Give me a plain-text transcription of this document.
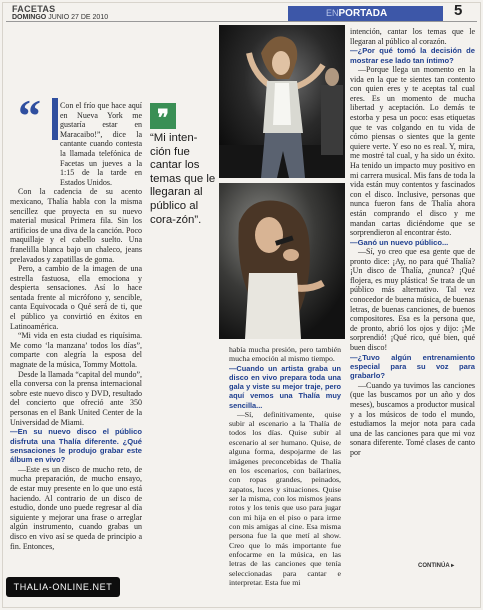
FACETAS
DOMINGO JUNIO 27 DE 2010	ENPORTADA	5
“	❞
“Mi inten-ción fue cantar los temas que le llegaran al público al cora-zón”.

Con el frío que hace aquí en Nueva York me gustaría estar en Maracaibo!”, dice la cantante cuando contesta la llamada telefónica de Facetas un jueves a la 1:15 de la tarde en Estados Unidos.

Con la cadencia de su acento mexicano, Thalía habla con la misma sencillez que proyecta en su nuevo material musical Primera fila. Sin los artificios de una diva de la canción. Poco maquillaje y el cabello suelto. Una franelilla blanca bajo un chaleco, jeans prelavados y zapatillas de goma.

Pero, a cambio de la imagen de una estrella fastuosa, ella emociona y despierta sensaciones. Así lo hace sentada frente al micrófono y, sencible, canta Equivocada o Qué será de ti, que el público ya convirtió en éxitos en Latinoamérica.

“Mi vida en esta ciudad es riquísima. Me como ‘la manzana’ todos los días”, comparte con alegría la esposa del magnate de la música, Tommy Mottola.

Desde la llamada “capital del mundo”, ella conversa con la prensa internacional sobre este nuevo disco y DVD, resultado del concierto que ofreció ante 350 personas en el Bank United Center de la Universidad de Miami.

—En su nuevo disco el público disfruta una Thalía diferente. ¿Qué sensaciones le produjo grabar este álbum en vivo?

—Este es un disco de mucho reto, de mucha preparación, de mucho ensayo, de estar muy presente en lo que uno está haciendo. Al contrario de un disco de estudio, donde uno puede regresar al día siguiente y mejorar una frase o arreglar algún instrumento, cuando grabas un disco en vivo así se queda de principio a fin. Entonces,

había mucha presión, pero también mucha emoción al mismo tiempo.

—Cuando un artista graba un disco en vivo prepara toda una gala y viste su mejor traje, pero aquí vemos una Thalía muy sencilla...

—Sí, definitivamente, quise subir al escenario a la Thalía de todos los días. Quise subir al escenario al ser humano. Quise, de alguna forma, despojarme de las imágenes preconcebidas de Thalía en los escenarios, con bailarines, con ropas grandes, peinados, zapatos, luces y situaciones. Quise ser la misma, con los mismos jeans rotos y los tenis que uso para jugar con mi hija en el piso o para irme con mis amigas al cine. Esa misma persona fue la que metí al show. Creo que lo más importante fue enfocarme en la música, en las letras de las canciones que tenía seleccionadas para cantar e interpretar. Esta fue mi

intención, cantar los temas que le llegaran al público al corazón.

—¿Por qué tomó la decisión de mostrar ese lado tan íntimo?

—Porque llega un momento en la vida en la que te sientes tan contento con quien eres y te aceptas tal cual eres. Es un momento de mucha libertad y aceptación. Lo demás te estorba y pesa un poco: esas etiquetas que te vas colgando en tu vida de cómo piensas o sientes que la gente quiere verte. Y eso no es real. Y, mira, me mostré tal cual, y ha sido un éxito. Ha tenido un impacto muy positivo en mi carrera musical. Mis fans de toda la vida están muy contentos y fascinados con el disco. Inclusive, personas que nunca fueron fans de Thalía ahora están comprando el disco y me mandan cartas diciéndome que se sorprendieron al encontrar ésto.

—Ganó un nuevo público...

—Sí, yo creo que esa gente que de pronto dice: ¡Ay, no para qué Thalía? ¡Un disco de Thalía, ¿nunca? ¡Qué flojera, es muy plástica! Se trata de un público más alternativo. Tal vez conocedor de buena música, de buenas letras, de buenas canciones, de buenos compositores. Esa es la persona que, de pronto, abrió los ojos y dijo: ¡Me sorprendió! ¡Qué rico, qué bien, qué buen disco!

—¿Tuvo algún entrenamiento especial para su voz para grabarlo?

—Cuando ya tuvimos las canciones (que las buscamos por un año y dos meses), buscamos a productor musical y a los músicos de todo el mundo, estudiamos la mejor nota para cada una de las canciones para que mi voz sonara diferente. Tomé clases de canto por

CONTINÚA ▸
THALIA-ONLINE.NET
